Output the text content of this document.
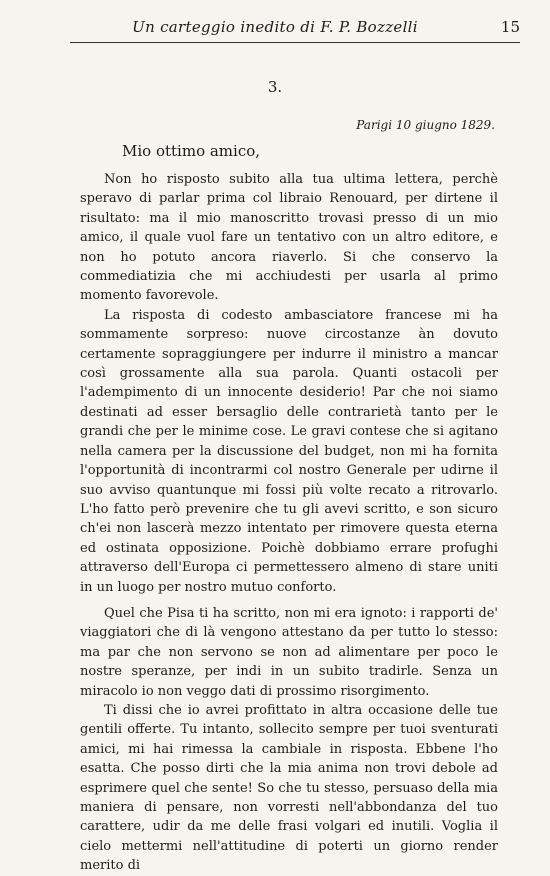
Un carteggio inedito di F. P. Bozzelli	15
3.
Parigi 10 giugno 1829.
Mio ottimo amico,

Non ho risposto subito alla tua ultima lettera, perchè speravo di parlar prima col libraio Renouard, per dirtene il risultato: ma il mio manoscritto trovasi presso di un mio amico, il quale vuol fare un tentativo con un altro editore, e non ho potuto ancora riaverlo. Si che conservo la commediatizia che mi acchiudesti per usarla al primo momento favorevole.

La risposta di codesto ambasciatore francese mi ha sommamente sorpreso: nuove circostanze àn dovuto certamente sopraggiungere per indurre il ministro a mancar così grossamente alla sua parola. Quanti ostacoli per l'adempimento di un innocente desiderio! Par che noi siamo destinati ad esser bersaglio delle contrarietà tanto per le grandi che per le minime cose. Le gravi contese che si agitano nella camera per la discussione del budget, non mi ha fornita l'opportunità di incontrarmi col nostro Generale per udirne il suo avviso quantunque mi fossi più volte recato a ritrovarlo. L'ho fatto però prevenire che tu gli avevi scritto, e son sicuro ch'ei non lascerà mezzo intentato per rimovere questa eterna ed ostinata opposizione. Poichè dobbiamo errare profughi attraverso dell'Europa ci permettessero almeno di stare uniti in un luogo per nostro mutuo conforto.

Quel che Pisa ti ha scritto, non mi era ignoto: i rapporti de' viaggiatori che di là vengono attestano da per tutto lo stesso: ma par che non servono se non ad alimentare per poco le nostre speranze, per indi in un subito tradirle. Senza un miracolo io non veggo dati di prossimo risorgimento.

Ti dissi che io avrei profittato in altra occasione delle tue gentili offerte. Tu intanto, sollecito sempre per tuoi sventurati amici, mi hai rimessa la cambiale in risposta. Ebbene l'ho esatta. Che posso dirti che la mia anima non trovi debole ad esprimere quel che sente! So che tu stesso, persuaso della mia maniera di pensare, non vorresti nell'abbondanza del tuo carattere, udir da me delle frasi volgari ed inutili. Voglia il cielo mettermi nell'attitudine di poterti un giorno render merito di
